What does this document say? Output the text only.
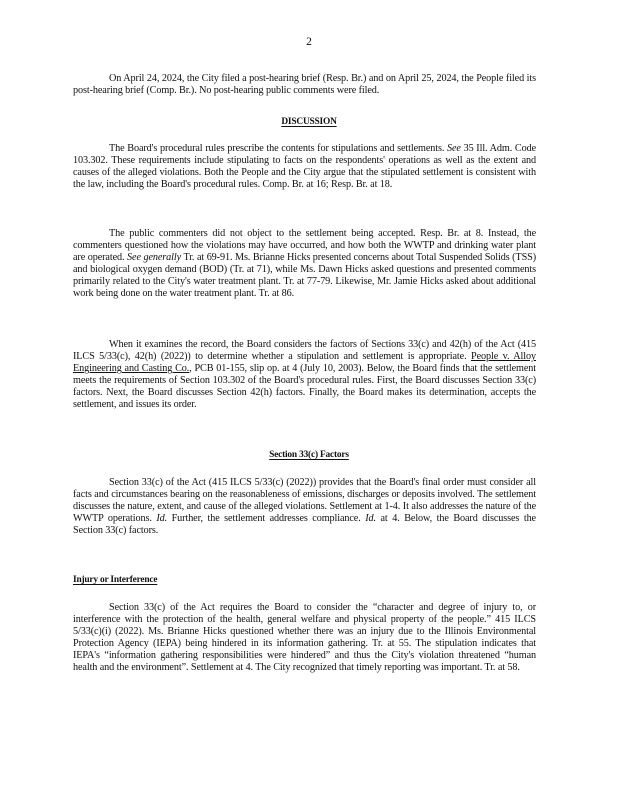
2

On April 24, 2024, the City filed a post-hearing brief (Resp. Br.) and on April 25, 2024, the People filed its post-hearing brief (Comp. Br.). No post-hearing public comments were filed.

DISCUSSION

The Board's procedural rules prescribe the contents for stipulations and settlements. See 35 Ill. Adm. Code 103.302. These requirements include stipulating to facts on the respondents' operations as well as the extent and causes of the alleged violations. Both the People and the City argue that the stipulated settlement is consistent with the law, including the Board's procedural rules. Comp. Br. at 16; Resp. Br. at 18.

The public commenters did not object to the settlement being accepted. Resp. Br. at 8. Instead, the commenters questioned how the violations may have occurred, and how both the WWTP and drinking water plant are operated. See generally Tr. at 69-91. Ms. Brianne Hicks presented concerns about Total Suspended Solids (TSS) and biological oxygen demand (BOD) (Tr. at 71), while Ms. Dawn Hicks asked questions and presented comments primarily related to the City's water treatment plant. Tr. at 77-79. Likewise, Mr. Jamie Hicks asked about additional work being done on the water treatment plant. Tr. at 86.

When it examines the record, the Board considers the factors of Sections 33(c) and 42(h) of the Act (415 ILCS 5/33(c), 42(h) (2022)) to determine whether a stipulation and settlement is appropriate. People v. Alloy Engineering and Casting Co., PCB 01-155, slip op. at 4 (July 10, 2003). Below, the Board finds that the settlement meets the requirements of Section 103.302 of the Board's procedural rules. First, the Board discusses Section 33(c) factors. Next, the Board discusses Section 42(h) factors. Finally, the Board makes its determination, accepts the settlement, and issues its order.

Section 33(c) Factors

Section 33(c) of the Act (415 ILCS 5/33(c) (2022)) provides that the Board's final order must consider all facts and circumstances bearing on the reasonableness of emissions, discharges or deposits involved. The settlement discusses the nature, extent, and cause of the alleged violations. Settlement at 1-4. It also addresses the nature of the WWTP operations. Id. Further, the settlement addresses compliance. Id. at 4. Below, the Board discusses the Section 33(c) factors.

Injury or Interference

Section 33(c) of the Act requires the Board to consider the “character and degree of injury to, or interference with the protection of the health, general welfare and physical property of the people.” 415 ILCS 5/33(c)(i) (2022). Ms. Brianne Hicks questioned whether there was an injury due to the Illinois Environmental Protection Agency (IEPA) being hindered in its information gathering. Tr. at 55. The stipulation indicates that IEPA's “information gathering responsibilities were hindered” and thus the City's violation threatened “human health and the environment”. Settlement at 4. The City recognized that timely reporting was important. Tr. at 58.
